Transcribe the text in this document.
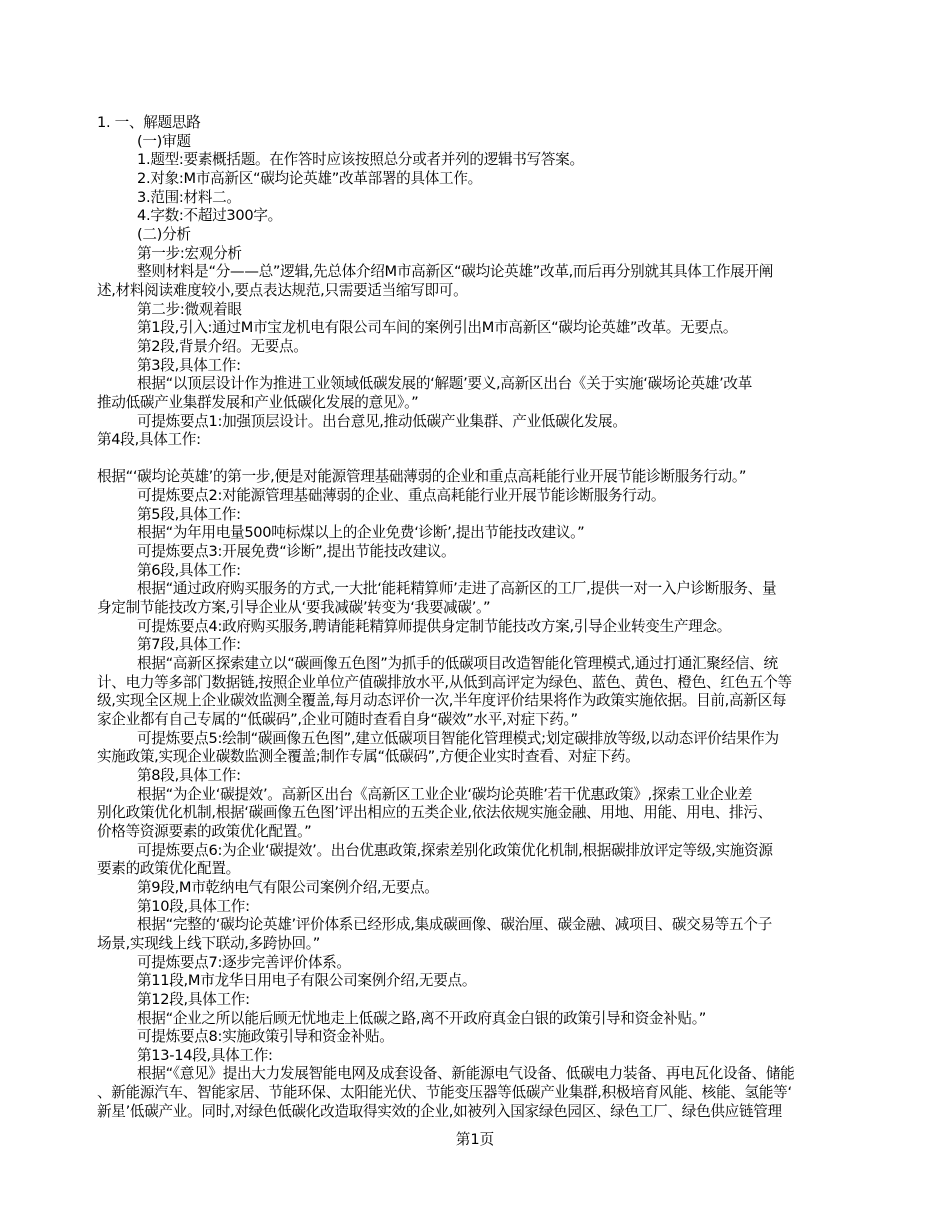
1. 一、解题思路
(一)审题
1.题型:要素概括题。在作答时应该按照总分或者并列的逻辑书写答案。
2.对象:M市高新区“碳均论英雄”改革部署的具体工作。
3.范围:材料二。
4.字数:不超过300字。
(二)分析
第一步:宏观分析
整则材料是“分——总”逻辑,先总体介绍M市高新区“碳均论英雄”改革,而后再分别就其具体工作展开阐
述,材料阅读难度较小,要点表达规范,只需要适当缩写即可。
第二步:微观着眼
第1段,引入:通过M市宝龙机电有限公司车间的案例引出M市高新区“碳均论英雄”改革。无要点。
第2段,背景介绍。无要点。
第3段,具体工作:
根据“以顶层设计作为推进工业领域低碳发展的‘解题’要义,高新区出台《关于实施‘碳场论英雄’改革
推动低碳产业集群发展和产业低碳化发展的意见》。”
可提炼要点1:加强顶层设计。出台意见,推动低碳产业集群、产业低碳化发展。
第4段,具体工作:
根据“‘碳均论英雄’的第一步,便是对能源管理基础薄弱的企业和重点高耗能行业开展节能诊断服务行动。”
可提炼要点2:对能源管理基础薄弱的企业、重点高耗能行业开展节能诊断服务行动。
第5段,具体工作:
根据“为年用电量500吨标煤以上的企业免费‘诊断’,提出节能技改建议。”
可提炼要点3:开展免费“诊断”,提出节能技改建议。
第6段,具体工作:
根据“通过政府购买服务的方式,一大批‘能耗精算师’走进了高新区的工厂,提供一对一入户诊断服务、量
身定制节能技改方案,引导企业从‘要我减碳’转变为‘我要减碳’。”
可提炼要点4:政府购买服务,聘请能耗精算师提供身定制节能技改方案,引导企业转变生产理念。
第7段,具体工作:
根据“高新区探索建立以“碳画像五色图”为抓手的低碳项目改造智能化管理模式,通过打通汇聚经信、统
计、电力等多部门数据链,按照企业单位产值碳排放水平,从低到高评定为绿色、蓝色、黄色、橙色、红色五个等
级,实现全区规上企业碳效监测全覆盖,每月动态评价一次,半年度评价结果将作为政策实施依据。目前,高新区每
家企业都有自己专属的“低碳码”,企业可随时查看自身“碳效”水平,对症下药。”
可提炼要点5:绘制“碳画像五色图”,建立低碳项目智能化管理模式;划定碳排放等级,以动态评价结果作为
实施政策,实现企业碳数监测全覆盖;制作专属“低碳码”,方便企业实时查看、对症下药。
第8段,具体工作:
根据“为企业‘碳提效’。高新区出台《高新区工业企业‘碳均论英睢’若干优惠政策》,探索工业企业差
别化政策优化机制,根据‘碳画像五色图’评出相应的五类企业,依法依规实施金融、用地、用能、用电、排污、
价格等资源要素的政策优化配置。”
可提炼要点6:为企业‘碳提效’。出台优惠政策,探索差别化政策优化机制,根据碳排放评定等级,实施资源
要素的政策优化配置。
第9段,M市乾纳电气有限公司案例介绍,无要点。
第10段,具体工作:
根据“完整的‘碳均论英雄’评价体系已经形成,集成碳画像、碳治厘、碳金融、减项目、碳交易等五个子
场景,实现线上线下联动,多跨协回。”
可提炼要点7:逐步完善评价体系。
第11段,M市龙华日用电子有限公司案例介绍,无要点。
第12段,具体工作:
根据“企业之所以能后顾无忧地走上低碳之路,离不开政府真金白银的政策引导和资金补贴。”
可提炼要点8:实施政策引导和资金补贴。
第13-14段,具体工作:
根据“《意见》提出大力发展智能电网及成套设备、新能源电气设备、低碳电力装备、再电瓦化设备、储能
、新能源汽车、智能家居、节能环保、太阳能光伏、节能变压器等低碳产业集群,积极培育风能、核能、氢能等‘
新星’低碳产业。同时,对绿色低碳化改造取得实效的企业,如被列入国家绿色园区、绿色工厂、绿色供应链管理
第1页
